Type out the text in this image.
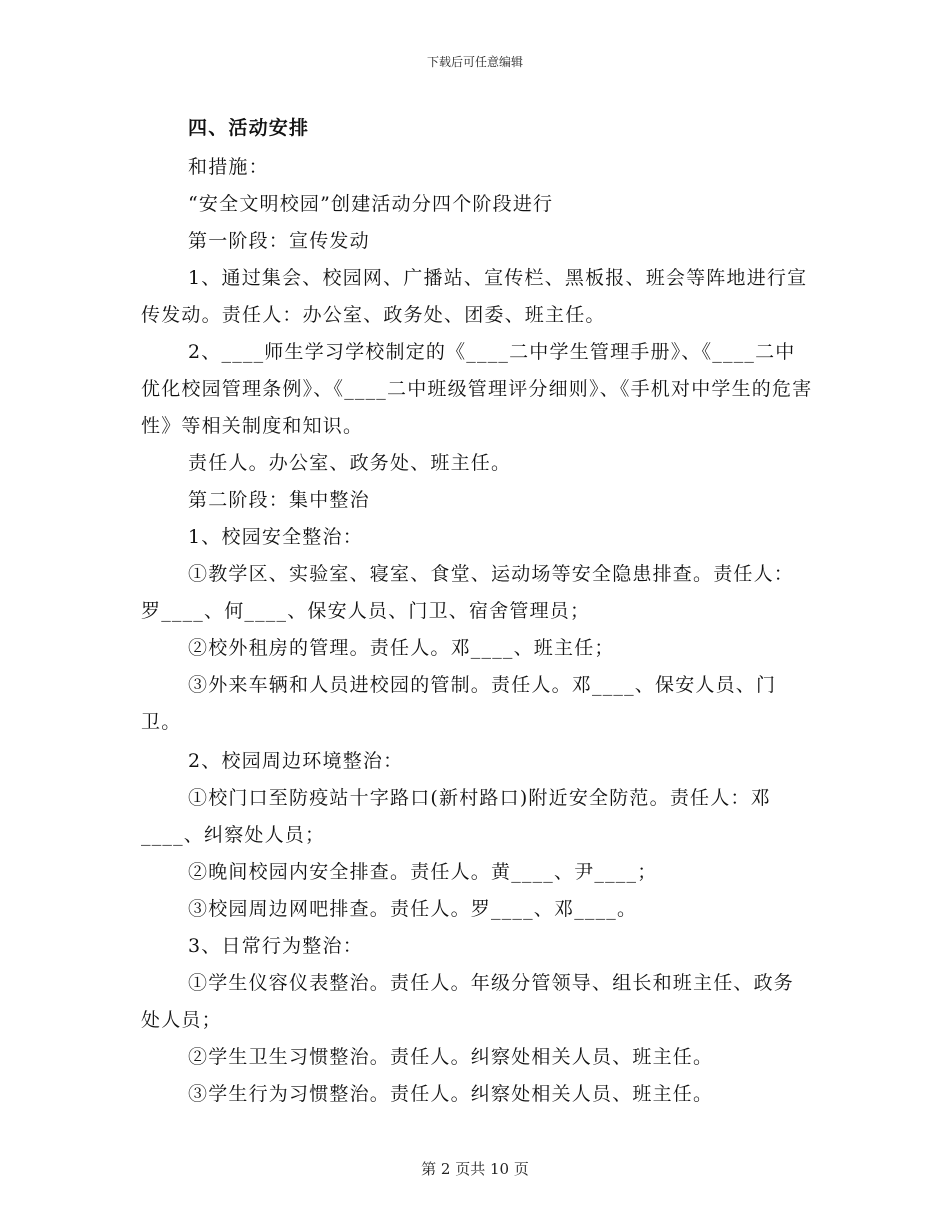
下载后可任意编辑

四、活动安排

和措施：

“安全文明校园”创建活动分四个阶段进行

第一阶段：宣传发动

1、通过集会、校园网、广播站、宣传栏、黑板报、班会等阵地进行宣传发动。责任人：办公室、政务处、团委、班主任。

2、____师生学习学校制定的《____二中学生管理手册》、《____二中优化校园管理条例》、《____二中班级管理评分细则》、《手机对中学生的危害性》等相关制度和知识。

责任人。办公室、政务处、班主任。

第二阶段：集中整治

1、校园安全整治：

①教学区、实验室、寝室、食堂、运动场等安全隐患排查。责任人：罗____、何____、保安人员、门卫、宿舍管理员；

②校外租房的管理。责任人。邓____、班主任；

③外来车辆和人员进校园的管制。责任人。邓____、保安人员、门卫。

2、校园周边环境整治：

①校门口至防疫站十字路口(新村路口)附近安全防范。责任人：邓____、纠察处人员；

②晚间校园内安全排查。责任人。黄____、尹____；

③校园周边网吧排查。责任人。罗____、邓____。

3、日常行为整治：

①学生仪容仪表整治。责任人。年级分管领导、组长和班主任、政务处人员；

②学生卫生习惯整治。责任人。纠察处相关人员、班主任。

③学生行为习惯整治。责任人。纠察处相关人员、班主任。

第 2 页共 10 页
